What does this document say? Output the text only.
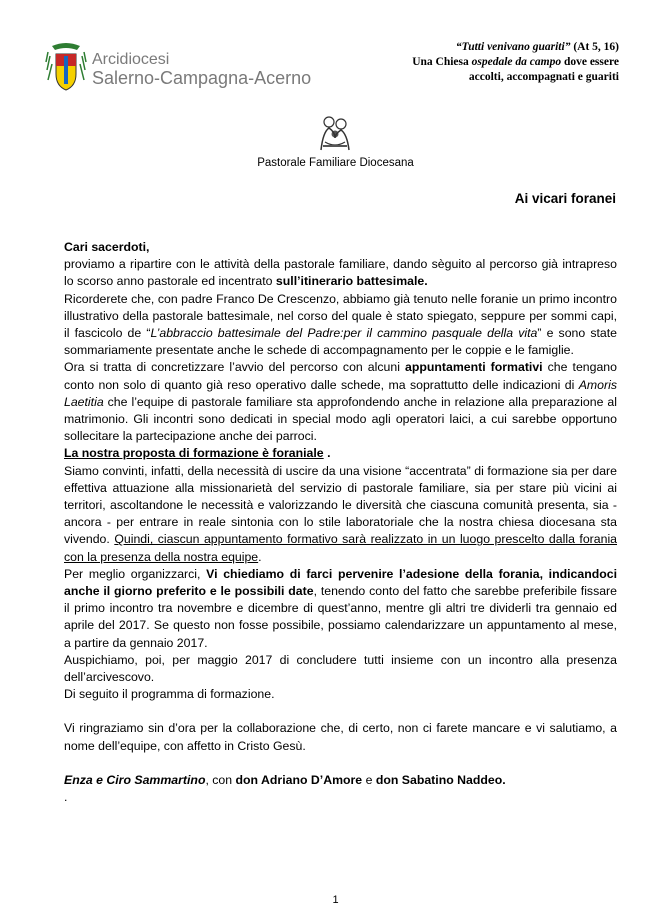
Arcidiocesi
Salerno-Campagna-Acerno
“Tutti venivano guariti” (At 5, 16)
Una Chiesa ospedale da campo dove essere
accolti, accompagnati e guariti
Pastorale Familiare Diocesana
Ai vicari foranei

Cari sacerdoti,

proviamo a ripartire con le attività della pastorale familiare, dando sèguito al percorso già intrapreso lo scorso anno pastorale ed incentrato sull’itinerario battesimale.

Ricorderete che, con padre Franco De Crescenzo, abbiamo già tenuto nelle foranie un primo incontro illustrativo della pastorale battesimale, nel corso del quale è stato spiegato, seppure per sommi capi, il fascicolo de “L’abbraccio battesimale del Padre:per il cammino pasquale della vita” e sono state sommariamente presentate anche le schede di accompagnamento per le coppie e le famiglie.

Ora si tratta di concretizzare l’avvio del percorso con alcuni appuntamenti formativi che tengano conto non solo di quanto già reso operativo dalle schede, ma soprattutto delle indicazioni di Amoris Laetitia che l’equipe di pastorale familiare sta approfondendo anche in relazione alla preparazione al matrimonio. Gli incontri sono dedicati in special modo agli operatori laici, a cui sarebbe opportuno sollecitare la partecipazione anche dei parroci.

La nostra proposta di formazione è foraniale .

Siamo convinti, infatti, della necessità di uscire da una visione “accentrata” di formazione sia per dare effettiva attuazione alla missionarietà del servizio di pastorale familiare, sia per stare più vicini ai territori, ascoltandone le necessità e valorizzando le diversità che ciascuna comunità presenta, sia - ancora - per entrare in reale sintonia con lo stile laboratoriale che la nostra chiesa diocesana sta vivendo. Quindi, ciascun appuntamento formativo sarà realizzato in un luogo prescelto dalla forania con la presenza della nostra equipe.

Per meglio organizzarci, Vi chiediamo di farci pervenire l’adesione della forania, indicandoci anche il giorno preferito e le possibili date, tenendo conto del fatto che sarebbe preferibile fissare il primo incontro tra novembre e dicembre di quest’anno, mentre gli altri tre dividerli tra gennaio ed aprile del 2017. Se questo non fosse possibile, possiamo calendarizzare un appuntamento al mese, a partire da gennaio 2017.

Auspichiamo, poi, per maggio 2017 di concludere tutti insieme con un incontro alla presenza dell’arcivescovo.

Di seguito il programma di formazione.

Vi ringraziamo sin d’ora per la collaborazione che, di certo, non ci farete mancare e vi salutiamo, a nome dell’equipe, con affetto in Cristo Gesù.

Enza e Ciro Sammartino, con don Adriano D’Amore e don Sabatino Naddeo.

.

1
